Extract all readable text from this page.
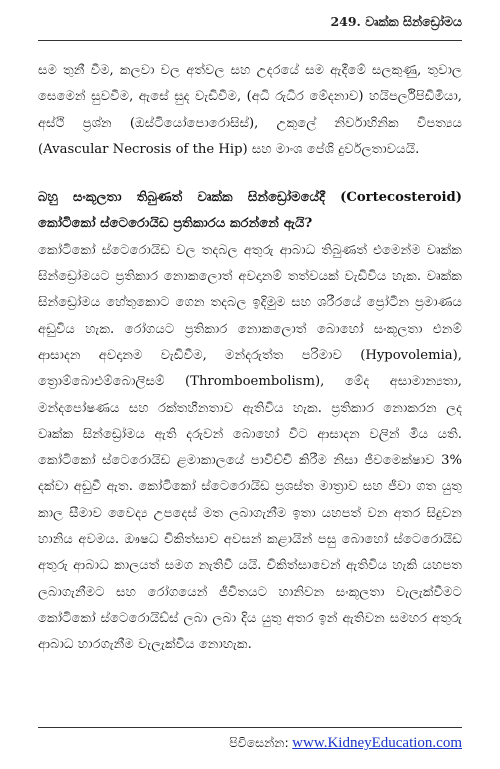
249. වෘක්ක සින්ඩ්‍රෝමය

සම තුනී වීම, කලවා වල අත්වල සහ උදරයේ සම ඇදීමේ සලකුණු, තුවාල සෙමෙන් සුවවීම, ඇසේ සුද වැඩිවීම, (අධි රුධිර මේදනාව) හයිපර්ලිපිඩිමියා, අස්ථි ප්‍රශ්න (ඔස්ටියෝපොරොසිස්), උකුලේ නිර්වාහිනික විපත්‍යය (Avascular Necrosis of the Hip) සහ මාංශ පේශි දුර්වලතාවයයි.

බහු සංකූලතා තිබුණත් වෘක්ක සින්ඩ්‍රෝමයේදී (Cortecosteroid) කෝටිකෝ ස්ටෙරොයිඩ ප්‍රතිකාරය කරන්නේ ඇයි?

කෝටිකෝ ස්ටෙරොයිඩ වල තදබල අතුරු ආබාධ තිබුණත් එමෙන්ම වෘක්ක සින්ඩ්‍රෝමයට ප්‍රතිකාර නොකලොත් අවදානම් තත්වයක් වැඩිවිය හැක. වෘක්ක සින්ඩ්‍රෝමය හේතුකොට ගෙන තදබල ඉදිමුම සහ ශරීරයේ ප්‍රෝටීන ප්‍රමාණය අඩුවිය හැක. රෝගයට ප්‍රතිකාර නොකලොත් බොහෝ සංකූලතා එනම් ආසාදන අවදානම වැඩිවීම, මන්දරුත්ත පරිමාව (Hypovolemia), ත්‍රොම්බොඑම්බොලිසම් (Thromboembolism), මේද අසාමාන්‍යතා, මන්දපෝෂණය සහ රක්තහීනතාව ඇතිවිය හැක. ප්‍රතිකාර නොකරන ලද වෘක්ක සින්ඩ්‍රෝමය ඇති දරුවන් බොහෝ විට ආසාදන වලින් මිය යති. කෝටිකෝ ස්ටෙරොයිඩ ළමාකාලයේ පාවිච්චි කිරීම නිසා ජීවමෙක්ෂාව 3% දක්වා අඩුවී ඇත. කෝටිකෝ ස්ටෙරොයිඩ ප්‍රශස්ත මාත්‍රාව සහ ජීවා ගත යුතු කාල සීමාව වෛද්‍ය උපදෙස් මත ලබාගැනීම ඉතා යහපත් වන අතර සිදුවන හානිය අවමය. ඖෂධ චිකිත්සාව අවසන් කළායින් පසු බොහෝ ස්ටෙරොයිඩ අතුරු ආබාධ කාලයත් සමග නැතිවී යයි. චිකිත්සාවෙන් ඇතිවිය හැකි යහපත ලබාගැනීමට සහ රෝගයෙන් ජීවිතයට හානිවන සංකූලතා වැලැක්වීමට කෝටිකෝ ස්ටෙරොයිඩ්ස් ලබා ලබා දිය යුතු අතර ඉන් ඇතිවන සමහර අතුරු ආබාධ හාරගැනීම වැලැක්විය නොහැක.

පිවිසෙන්න: www.KidneyEducation.com
